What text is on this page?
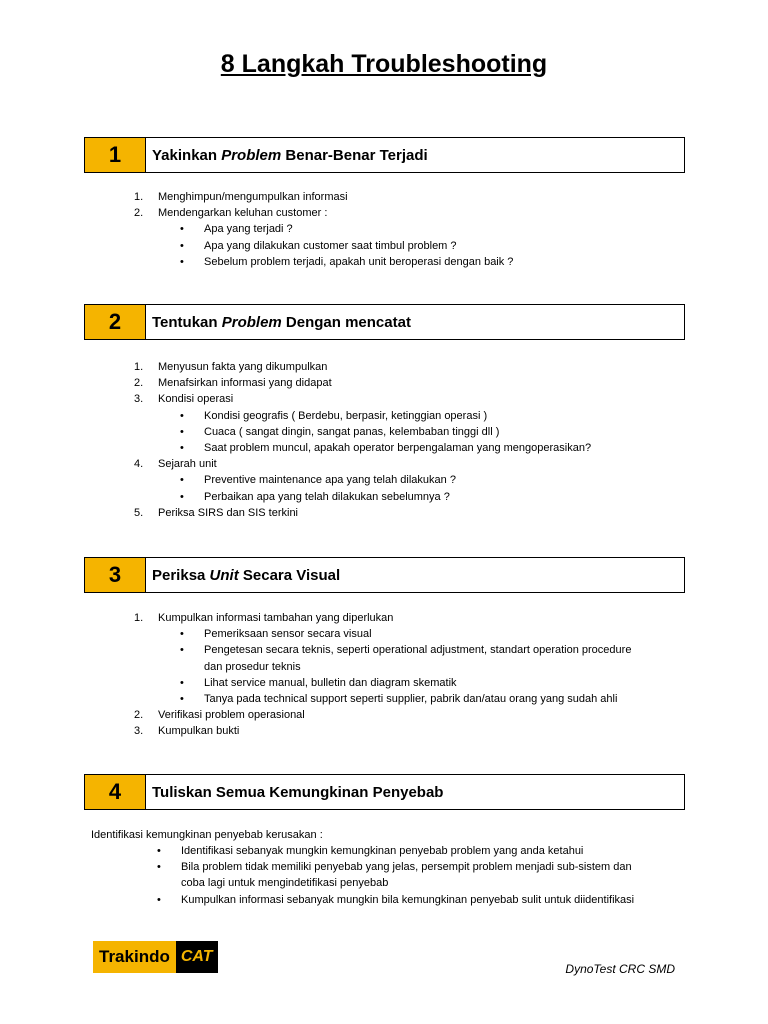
8 Langkah Troubleshooting
1	Yakinkan Problem Benar-Benar Terjadi
1. Menghimpun/mengumpulkan informasi
2. Mendengarkan keluhan customer :
• Apa yang terjadi ?
• Apa yang dilakukan customer saat timbul problem ?
• Sebelum problem terjadi, apakah unit beroperasi dengan baik ?
2	Tentukan Problem Dengan mencatat
1. Menyusun fakta yang dikumpulkan
2. Menafsirkan informasi yang didapat
3. Kondisi operasi
• Kondisi geografis ( Berdebu, berpasir, ketinggian operasi )
• Cuaca ( sangat dingin, sangat panas, kelembaban tinggi dll )
• Saat problem muncul, apakah operator berpengalaman yang mengoperasikan?
4. Sejarah unit
• Preventive maintenance apa yang telah dilakukan ?
• Perbaikan apa yang telah dilakukan sebelumnya ?
5. Periksa SIRS dan SIS terkini
3	Periksa Unit Secara Visual
1. Kumpulkan informasi tambahan yang diperlukan
• Pemeriksaan sensor secara visual
• Pengetesan secara teknis, seperti operational adjustment, standart operation procedure
dan prosedur teknis
• Lihat service manual, bulletin dan diagram skematik
• Tanya pada technical support seperti supplier, pabrik dan/atau orang yang sudah ahli
2. Verifikasi problem operasional
3. Kumpulkan bukti
4	Tuliskan Semua Kemungkinan Penyebab
Identifikasi kemungkinan penyebab kerusakan :
• Identifikasi sebanyak mungkin kemungkinan penyebab problem yang anda ketahui
• Bila problem tidak memiliki penyebab yang jelas, persempit problem menjadi sub-sistem dan
coba lagi untuk mengindetifikasi penyebab
• Kumpulkan informasi sebanyak mungkin bila kemungkinan penyebab sulit untuk diidentifikasi
Trakindo CAT
DynoTest CRC SMD
